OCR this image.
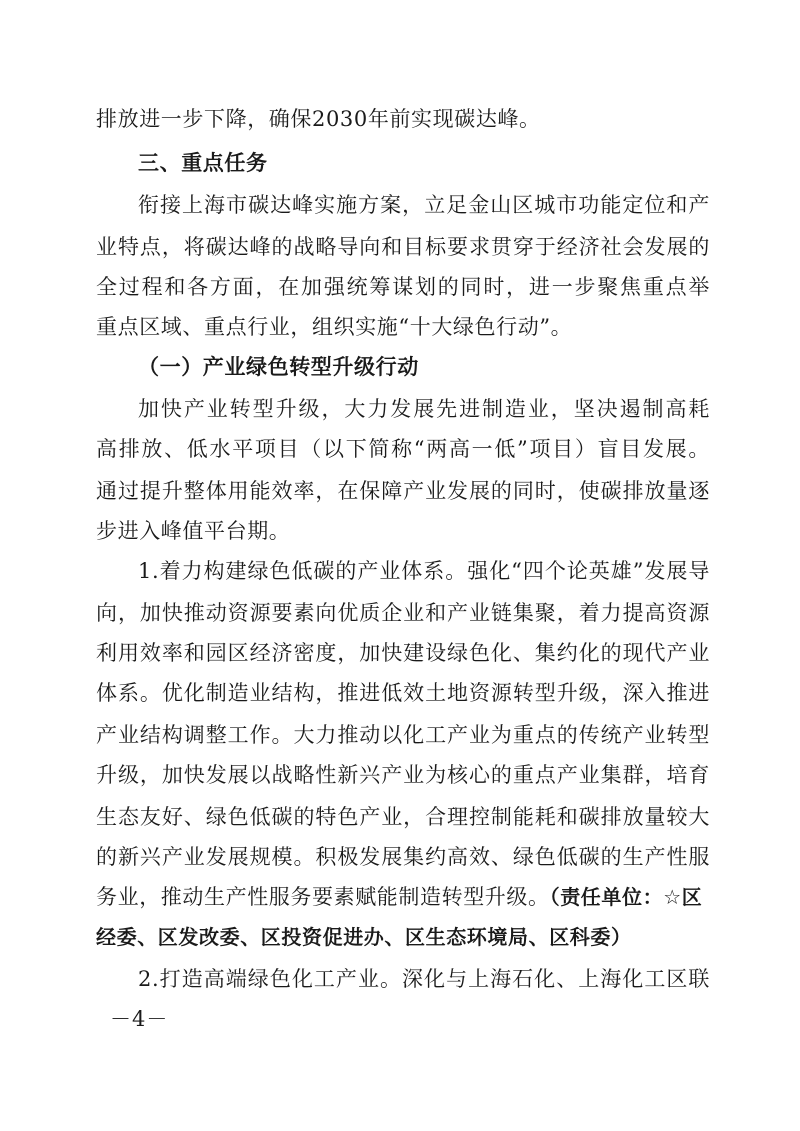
排放进一步下降，确保2030年前实现碳达峰。
三、重点任务
衔接上海市碳达峰实施方案，立足金山区城市功能定位和产
业特点，将碳达峰的战略导向和目标要求贯穿于经济社会发展的
全过程和各方面，在加强统筹谋划的同时，进一步聚焦重点举
重点区域、重点行业，组织实施“十大绿色行动”。
（一）产业绿色转型升级行动
加快产业转型升级，大力发展先进制造业，坚决遏制高耗
高排放、低水平项目（以下简称“两高一低”项目）盲目发展。
通过提升整体用能效率，在保障产业发展的同时，使碳排放量逐
步进入峰值平台期。
1.着力构建绿色低碳的产业体系。强化“四个论英雄”发展导
向，加快推动资源要素向优质企业和产业链集聚，着力提高资源
利用效率和园区经济密度，加快建设绿色化、集约化的现代产业
体系。优化制造业结构，推进低效土地资源转型升级，深入推进
产业结构调整工作。大力推动以化工产业为重点的传统产业转型
升级，加快发展以战略性新兴产业为核心的重点产业集群，培育
生态友好、绿色低碳的特色产业，合理控制能耗和碳排放量较大
的新兴产业发展规模。积极发展集约高效、绿色低碳的生产性服
务业，推动生产性服务要素赋能制造转型升级。（责任单位：☆区
经委、区发改委、区投资促进办、区生态环境局、区科委）
2.打造高端绿色化工产业。深化与上海石化、上海化工区联
－4－
